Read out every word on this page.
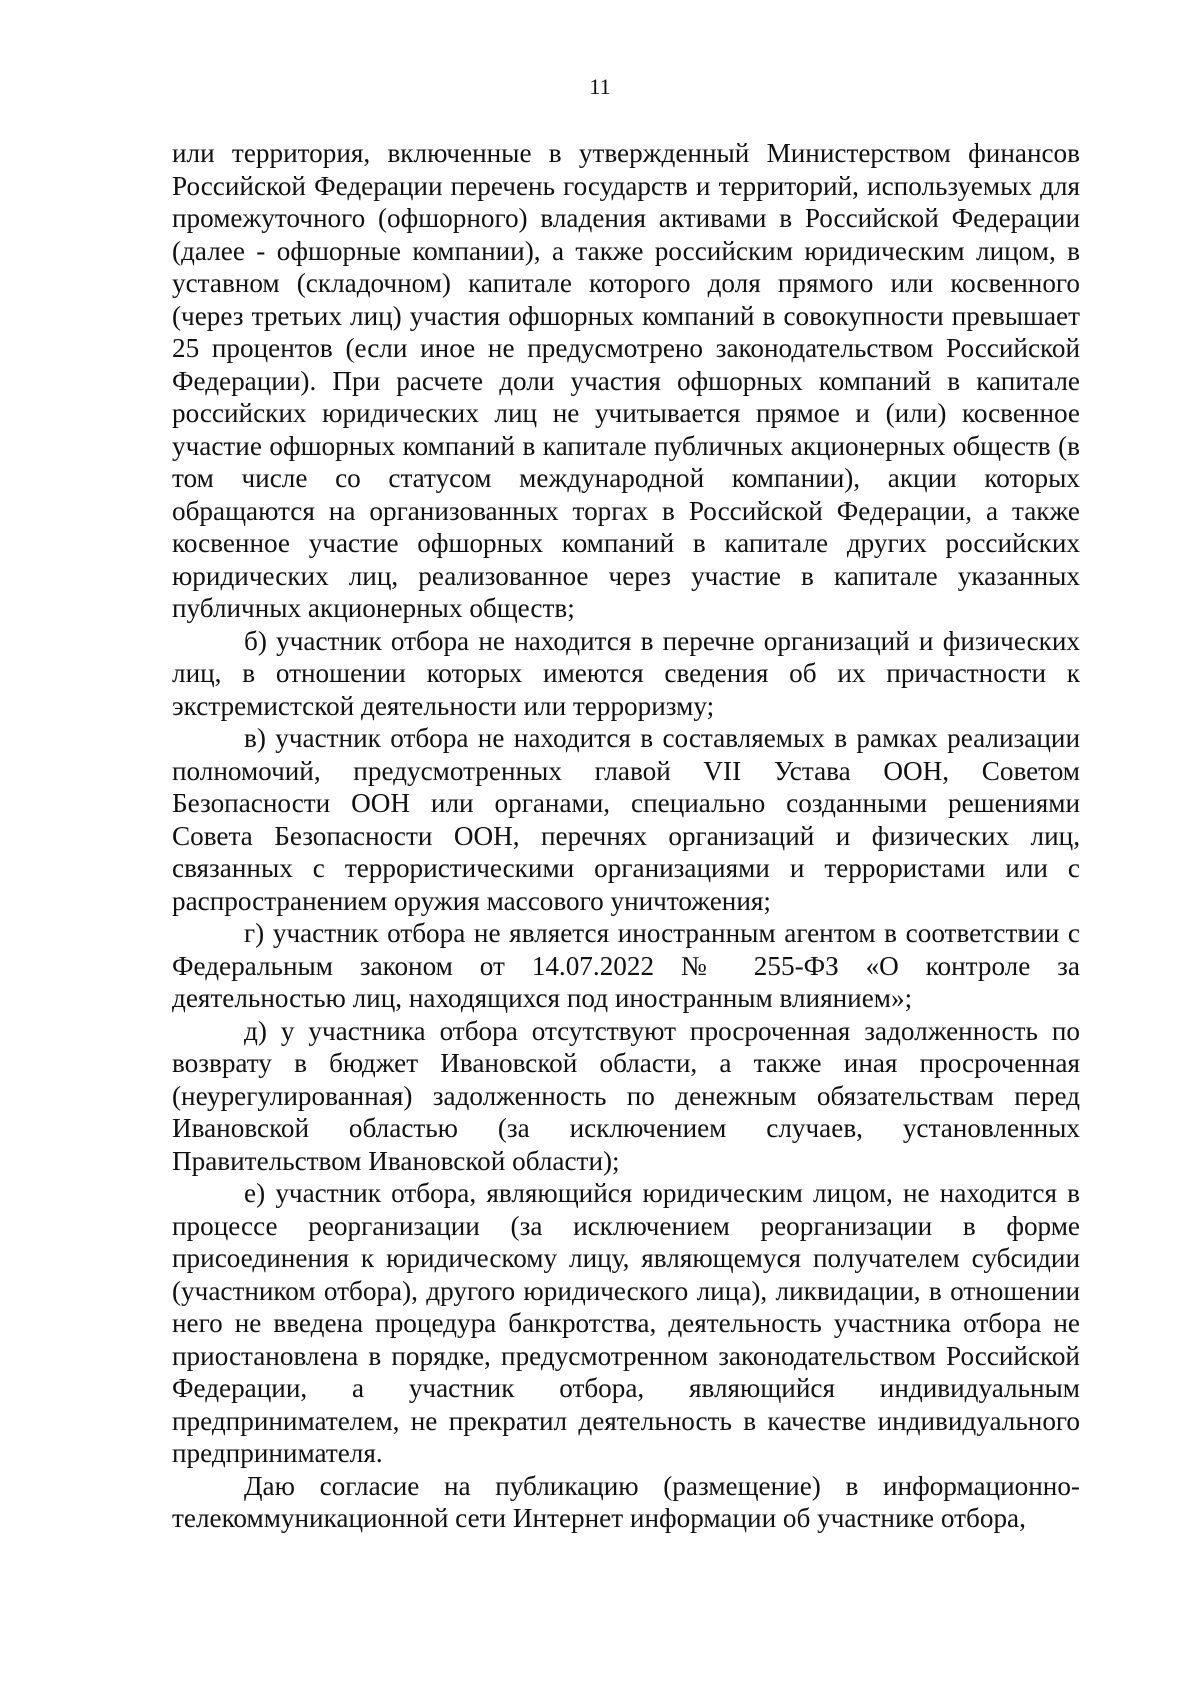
11

или территория, включенные в утвержденный Министерством финансов Российской Федерации перечень государств и территорий, используемых для промежуточного (офшорного) владения активами в Российской Федерации (далее - офшорные компании), а также российским юридическим лицом, в уставном (складочном) капитале которого доля прямого или косвенного (через третьих лиц) участия офшорных компаний в совокупности превышает 25 процентов (если иное не предусмотрено законодательством Российской Федерации). При расчете доли участия офшорных компаний в капитале российских юридических лиц не учитывается прямое и (или) косвенное участие офшорных компаний в капитале публичных акционерных обществ (в том числе со статусом международной компании), акции которых обращаются на организованных торгах в Российской Федерации, а также косвенное участие офшорных компаний в капитале других российских юридических лиц, реализованное через участие в капитале указанных публичных акционерных обществ;

б) участник отбора не находится в перечне организаций и физических лиц, в отношении которых имеются сведения об их причастности к экстремистской деятельности или терроризму;

в) участник отбора не находится в составляемых в рамках реализации полномочий, предусмотренных главой VII Устава ООН, Советом Безопасности ООН или органами, специально созданными решениями Совета Безопасности ООН, перечнях организаций и физических лиц, связанных с террористическими организациями и террористами или с распространением оружия массового уничтожения;

г) участник отбора не является иностранным агентом в соответствии с Федеральным законом от 14.07.2022 № 255-ФЗ «О контроле за деятельностью лиц, находящихся под иностранным влиянием»;

д) у участника отбора отсутствуют просроченная задолженность по возврату в бюджет Ивановской области, а также иная просроченная (неурегулированная) задолженность по денежным обязательствам перед Ивановской областью (за исключением случаев, установленных Правительством Ивановской области);

е) участник отбора, являющийся юридическим лицом, не находится в процессе реорганизации (за исключением реорганизации в форме присоединения к юридическому лицу, являющемуся получателем субсидии (участником отбора), другого юридического лица), ликвидации, в отношении него не введена процедура банкротства, деятельность участника отбора не приостановлена в порядке, предусмотренном законодательством Российской Федерации, а участник отбора, являющийся индивидуальным предпринимателем, не прекратил деятельность в качестве индивидуального предпринимателя.

Даю согласие на публикацию (размещение) в информационно-телекоммуникационной сети Интернет информации об участнике отбора,
